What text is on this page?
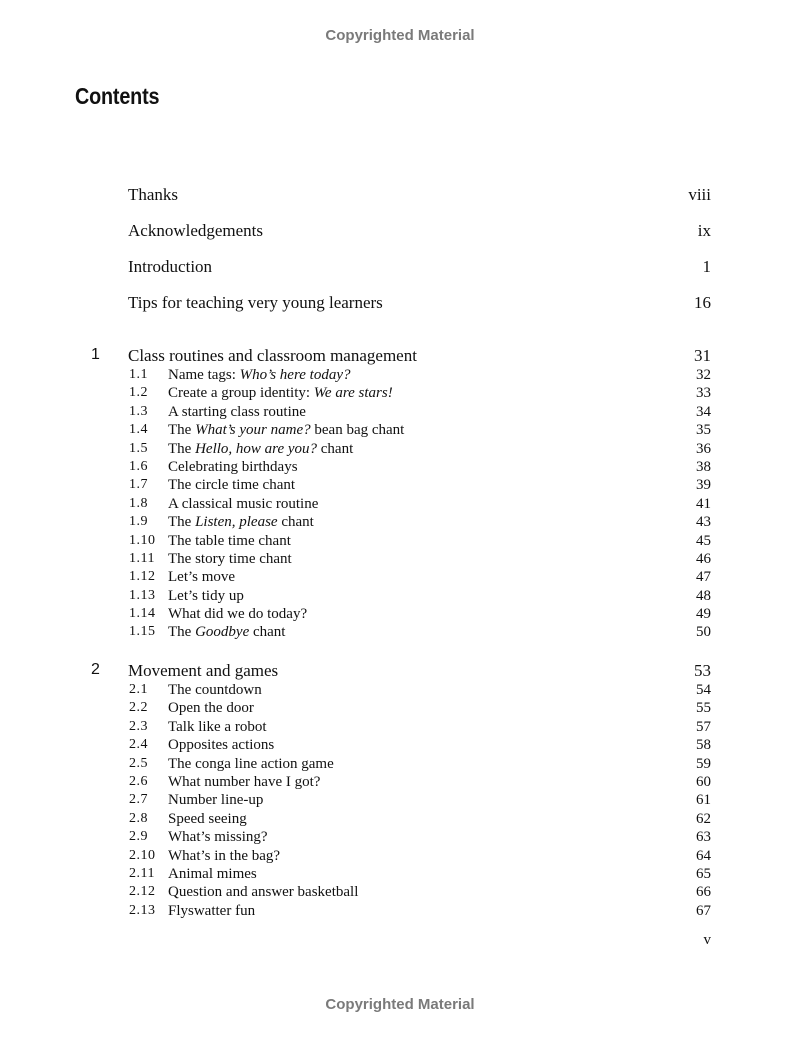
Copyrighted Material
Contents
Thanks	viii
Acknowledgements	ix
Introduction	1
Tips for teaching very young learners	16
1 Class routines and classroom management	31
1.1 Name tags: Who’s here today?	32
1.2 Create a group identity: We are stars!	33
1.3 A starting class routine	34
1.4 The What’s your name? bean bag chant	35
1.5 The Hello, how are you? chant	36
1.6 Celebrating birthdays	38
1.7 The circle time chant	39
1.8 A classical music routine	41
1.9 The Listen, please chant	43
1.10 The table time chant	45
1.11 The story time chant	46
1.12 Let’s move	47
1.13 Let’s tidy up	48
1.14 What did we do today?	49
1.15 The Goodbye chant	50
2 Movement and games	53
2.1 The countdown	54
2.2 Open the door	55
2.3 Talk like a robot	57
2.4 Opposites actions	58
2.5 The conga line action game	59
2.6 What number have I got?	60
2.7 Number line-up	61
2.8 Speed seeing	62
2.9 What’s missing?	63
2.10 What’s in the bag?	64
2.11 Animal mimes	65
2.12 Question and answer basketball	66
2.13 Flyswatter fun	67
v
Copyrighted Material
